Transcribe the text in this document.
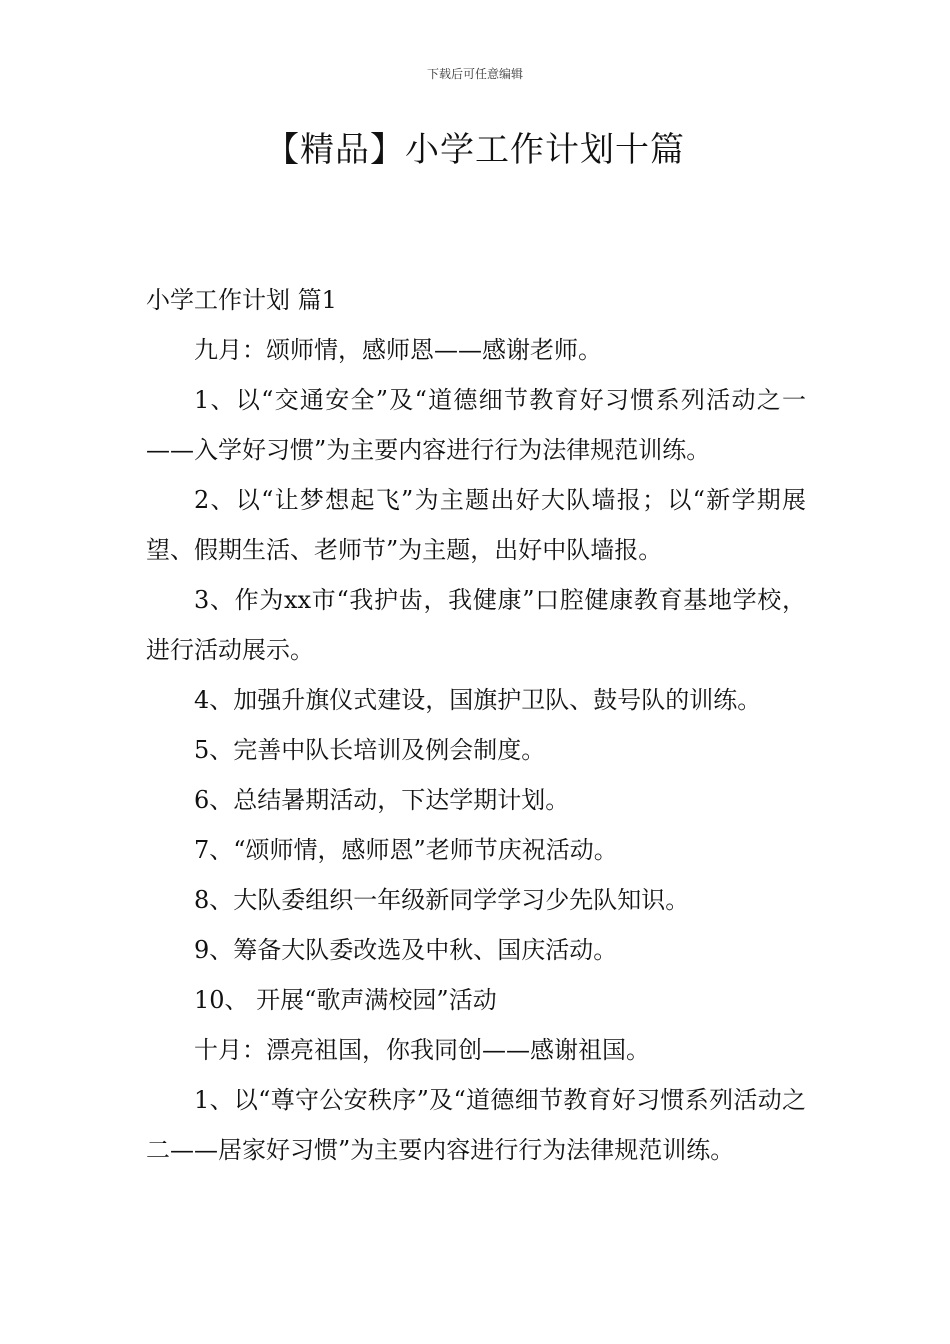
下载后可任意编辑
【精品】小学工作计划十篇

小学工作计划 篇1

九月：颂师情，感师恩——感谢老师。

1、以“交通安全”及“道德细节教育好习惯系列活动之一——入学好习惯”为主要内容进行行为法律规范训练。

2、以“让梦想起飞”为主题出好大队墙报；以“新学期展望、假期生活、老师节”为主题，出好中队墙报。

3、作为xx市“我护齿，我健康”口腔健康教育基地学校，进行活动展示。

4、加强升旗仪式建设，国旗护卫队、鼓号队的训练。

5、完善中队长培训及例会制度。

6、总结暑期活动，下达学期计划。

7、“颂师情，感师恩”老师节庆祝活动。

8、大队委组织一年级新同学学习少先队知识。

9、筹备大队委改选及中秋、国庆活动。

10、 开展“歌声满校园”活动

十月：漂亮祖国，你我同创——感谢祖国。

1、以“尊守公安秩序”及“道德细节教育好习惯系列活动之二——居家好习惯”为主要内容进行行为法律规范训练。
